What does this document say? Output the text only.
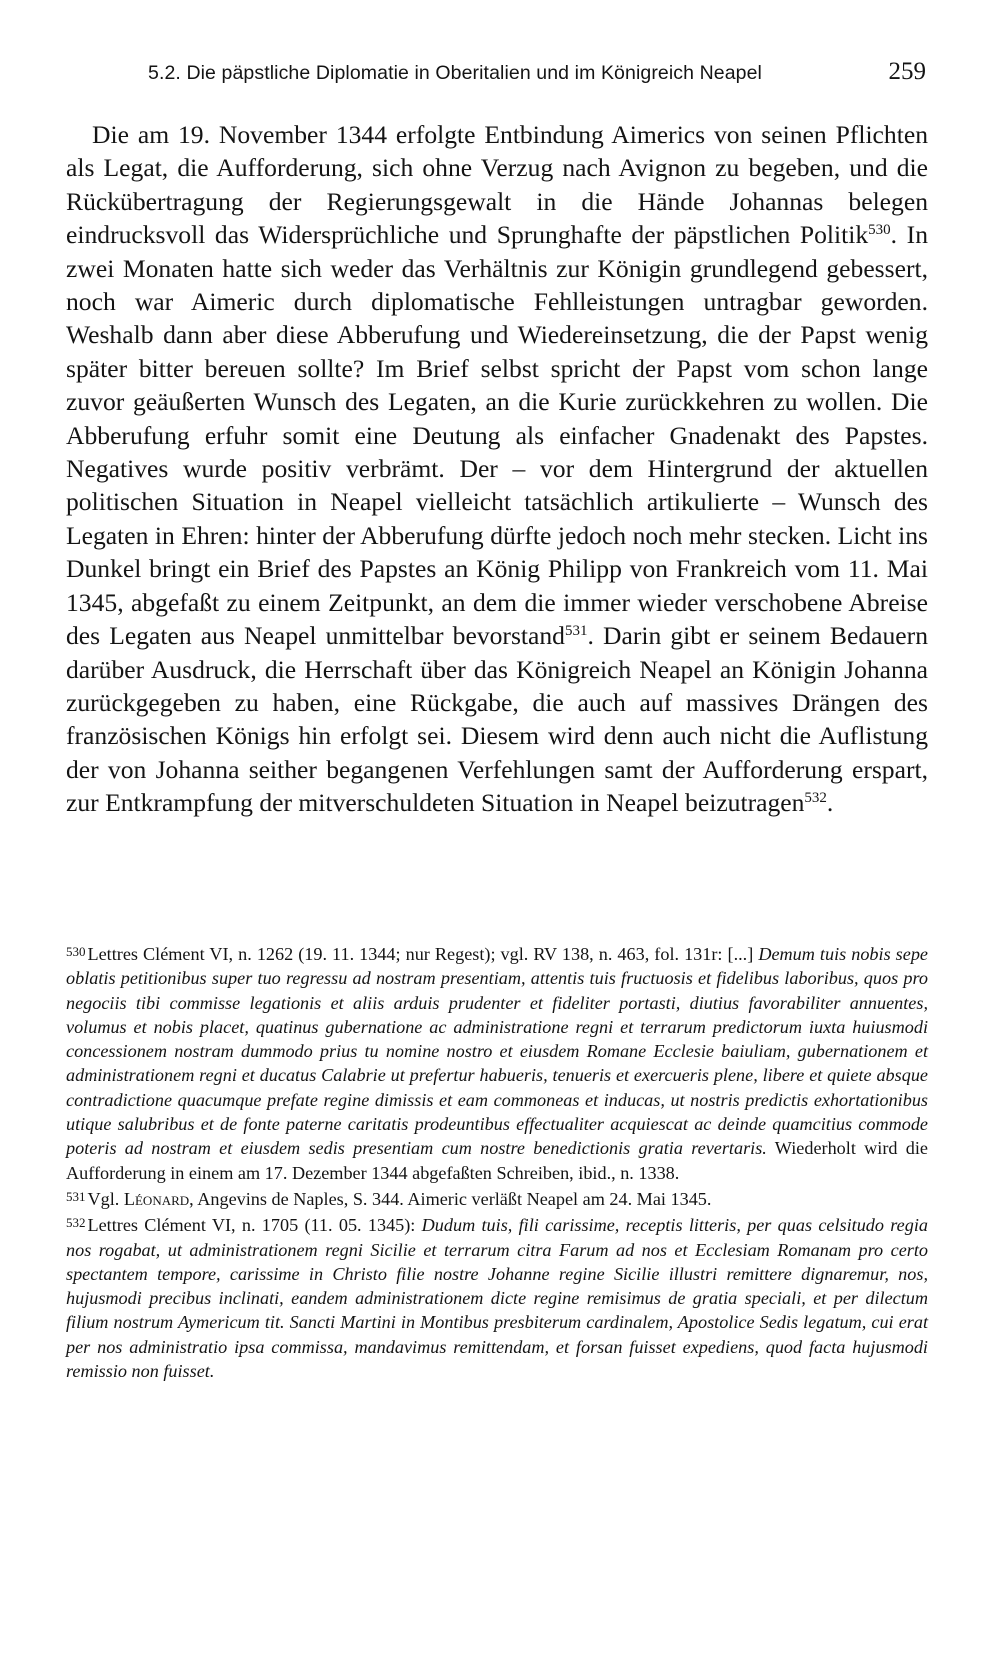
5.2. Die päpstliche Diplomatie in Oberitalien und im Königreich Neapel	259

Die am 19. November 1344 erfolgte Entbindung Aimerics von seinen Pflichten als Legat, die Aufforderung, sich ohne Verzug nach Avignon zu begeben, und die Rückübertragung der Regierungsgewalt in die Hände Johannas belegen eindrucksvoll das Widersprüchliche und Sprunghafte der päpstlichen Politik$^{530}$. In zwei Monaten hatte sich weder das Verhältnis zur Königin grundlegend gebessert, noch war Aimeric durch diplomatische Fehlleistungen untragbar geworden. Weshalb dann aber diese Abberufung und Wiedereinsetzung, die der Papst wenig später bitter bereuen sollte? Im Brief selbst spricht der Papst vom schon lange zuvor geäußerten Wunsch des Legaten, an die Kurie zurückkehren zu wollen. Die Abberufung erfuhr somit eine Deutung als einfacher Gnadenakt des Papstes. Negatives wurde positiv verbrämt. Der – vor dem Hintergrund der aktuellen politischen Situation in Neapel vielleicht tatsächlich artikulierte – Wunsch des Legaten in Ehren: hinter der Abberufung dürfte jedoch noch mehr stecken. Licht ins Dunkel bringt ein Brief des Papstes an König Philipp von Frankreich vom 11. Mai 1345, abgefaßt zu einem Zeitpunkt, an dem die immer wieder verschobene Abreise des Legaten aus Neapel unmittelbar bevorstand$^{531}$. Darin gibt er seinem Bedauern darüber Ausdruck, die Herrschaft über das Königreich Neapel an Königin Johanna zurückgegeben zu haben, eine Rückgabe, die auch auf massives Drängen des französischen Königs hin erfolgt sei. Diesem wird denn auch nicht die Auflistung der von Johanna seither begangenen Verfehlungen samt der Aufforderung erspart, zur Entkrampfung der mitverschuldeten Situation in Neapel beizutragen$^{532}$.

$^{530}$ Lettres Clément VI, n. 1262 (19. 11. 1344; nur Regest); vgl. RV 138, n. 463, fol. 131r: [...] Demum tuis nobis sepe oblatis petitionibus super tuo regressu ad nostram presentiam, attentis tuis fructuosis et fidelibus laboribus, quos pro negociis tibi commisse legationis et aliis arduis prudenter et fideliter portasti, diutius favorabiliter annuentes, volumus et nobis placet, quatinus gubernatione ac administratione regni et terrarum predictorum iuxta huiusmodi concessionem nostram dummodo prius tu nomine nostro et eiusdem Romane Ecclesie baiuliam, gubernationem et administrationem regni et ducatus Calabrie ut prefertur habueris, tenueris et exercueris plene, libere et quiete absque contradictione quacumque prefate regine dimissis et eam commoneas et inducas, ut nostris predictis exhortationibus utique salubribus et de fonte paterne caritatis prodeuntibus effectualiter acquiescat ac deinde quamcitius commode poteris ad nostram et eiusdem sedis presentiam cum nostre benedictionis gratia revertaris. Wiederholt wird die Aufforderung in einem am 17. Dezember 1344 abgefaßten Schreiben, ibid., n. 1338.

$^{531}$ Vgl. Léonard, Angevins de Naples, S. 344. Aimeric verläßt Neapel am 24. Mai 1345.

$^{532}$ Lettres Clément VI, n. 1705 (11. 05. 1345): Dudum tuis, fili carissime, receptis litteris, per quas celsitudo regia nos rogabat, ut administrationem regni Sicilie et terrarum citra Farum ad nos et Ecclesiam Romanam pro certo spectantem tempore, carissime in Christo filie nostre Johanne regine Sicilie illustri remittere dignaremur, nos, hujusmodi precibus inclinati, eandem administrationem dicte regine remisimus de gratia speciali, et per dilectum filium nostrum Aymericum tit. Sancti Martini in Montibus presbiterum cardinalem, Apostolice Sedis legatum, cui erat per nos administratio ipsa commissa, mandavimus remittendam, et forsan fuisset expediens, quod facta hujusmodi remissio non fuisset.
